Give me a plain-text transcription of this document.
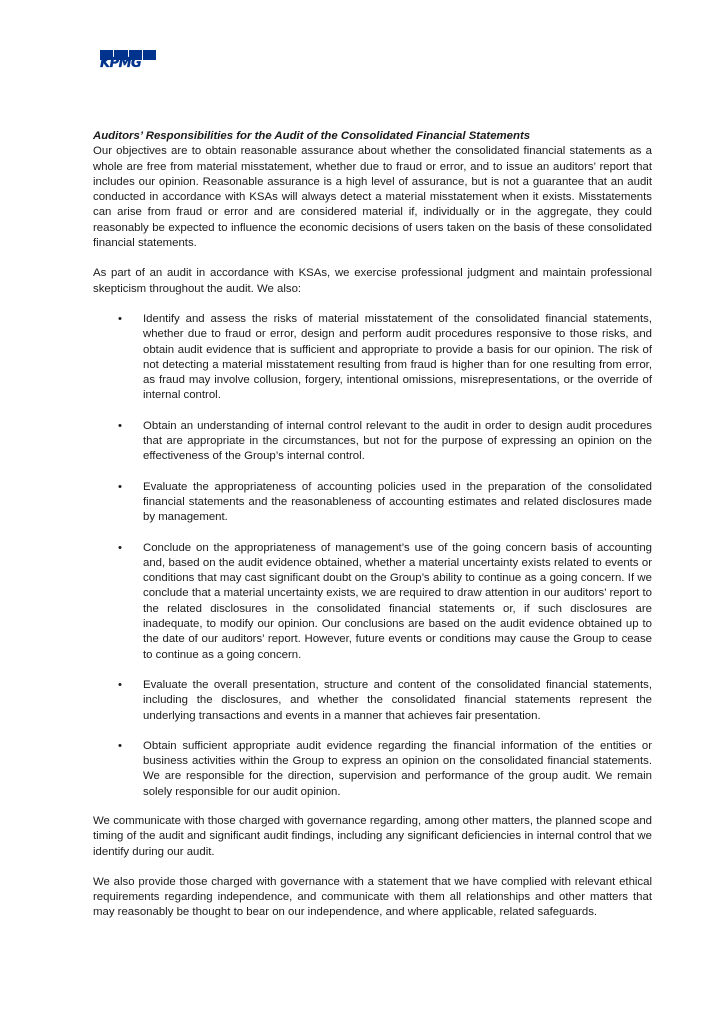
KPMG

Auditors’ Responsibilities for the Audit of the Consolidated Financial Statements

Our objectives are to obtain reasonable assurance about whether the consolidated financial statements as a whole are free from material misstatement, whether due to fraud or error, and to issue an auditors’ report that includes our opinion. Reasonable assurance is a high level of assurance, but is not a guarantee that an audit conducted in accordance with KSAs will always detect a material misstatement when it exists. Misstatements can arise from fraud or error and are considered material if, individually or in the aggregate, they could reasonably be expected to influence the economic decisions of users taken on the basis of these consolidated financial statements.

As part of an audit in accordance with KSAs, we exercise professional judgment and maintain professional skepticism throughout the audit. We also:

• Identify and assess the risks of material misstatement of the consolidated financial statements, whether due to fraud or error, design and perform audit procedures responsive to those risks, and obtain audit evidence that is sufficient and appropriate to provide a basis for our opinion. The risk of not detecting a material misstatement resulting from fraud is higher than for one resulting from error, as fraud may involve collusion, forgery, intentional omissions, misrepresentations, or the override of internal control.
• Obtain an understanding of internal control relevant to the audit in order to design audit procedures that are appropriate in the circumstances, but not for the purpose of expressing an opinion on the effectiveness of the Group’s internal control.
• Evaluate the appropriateness of accounting policies used in the preparation of the consolidated financial statements and the reasonableness of accounting estimates and related disclosures made by management.
• Conclude on the appropriateness of management’s use of the going concern basis of accounting and, based on the audit evidence obtained, whether a material uncertainty exists related to events or conditions that may cast significant doubt on the Group’s ability to continue as a going concern. If we conclude that a material uncertainty exists, we are required to draw attention in our auditors’ report to the related disclosures in the consolidated financial statements or, if such disclosures are inadequate, to modify our opinion. Our conclusions are based on the audit evidence obtained up to the date of our auditors’ report. However, future events or conditions may cause the Group to cease to continue as a going concern.
• Evaluate the overall presentation, structure and content of the consolidated financial statements, including the disclosures, and whether the consolidated financial statements represent the underlying transactions and events in a manner that achieves fair presentation.
• Obtain sufficient appropriate audit evidence regarding the financial information of the entities or business activities within the Group to express an opinion on the consolidated financial statements. We are responsible for the direction, supervision and performance of the group audit. We remain solely responsible for our audit opinion.

We communicate with those charged with governance regarding, among other matters, the planned scope and timing of the audit and significant audit findings, including any significant deficiencies in internal control that we identify during our audit.

We also provide those charged with governance with a statement that we have complied with relevant ethical requirements regarding independence, and communicate with them all relationships and other matters that may reasonably be thought to bear on our independence, and where applicable, related safeguards.
